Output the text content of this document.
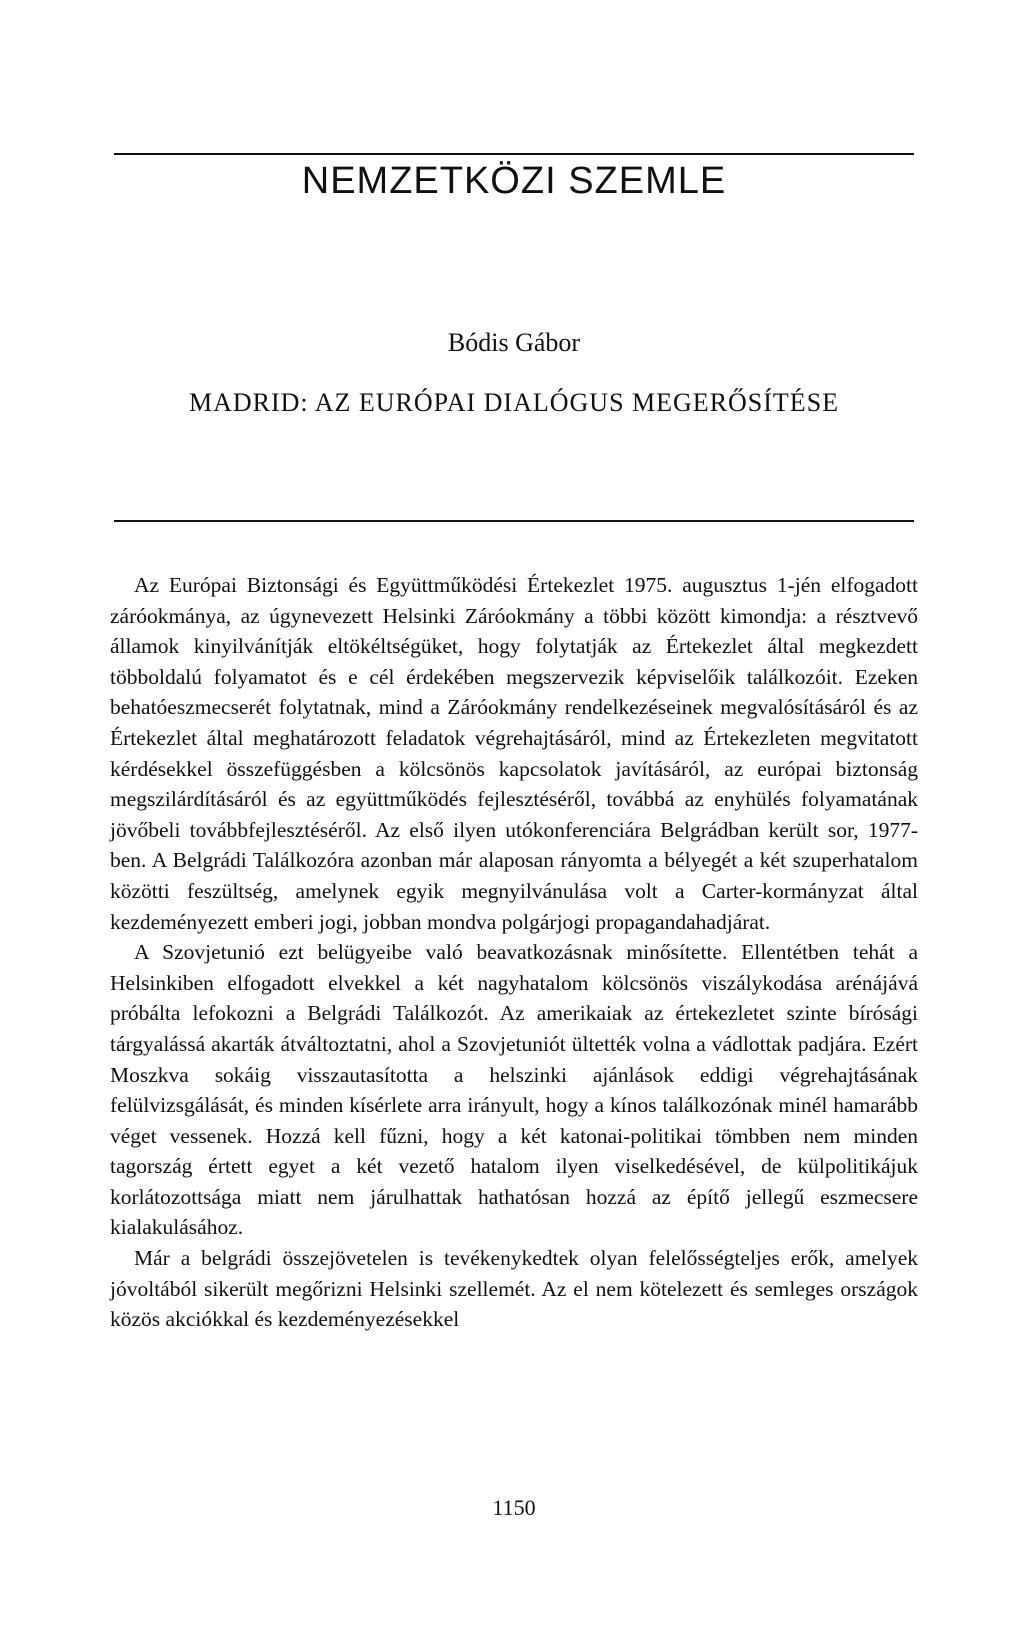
NEMZETKÖZI SZEMLE
Bódis Gábor
MADRID: AZ EURÓPAI DIALÓGUS MEGERŐSÍTÉSE

Az Európai Biztonsági és Együttműködési Értekezlet 1975. augusztus 1-jén elfogadott záróokmánya, az úgynevezett Helsinki Záróokmány a többi között kimondja: a résztvevő államok kinyilvánítják eltökéltségüket, hogy folytatják az Értekezlet által megkezdett többoldalú folyamatot és e cél érdekében megszervezik képviselőik találkozóit. Ezeken behatóeszmecserét folytatnak, mind a Záróokmány rendelkezéseinek megvalósításáról és az Értekezlet által meghatározott feladatok végrehajtásáról, mind az Értekezleten megvitatott kérdésekkel összefüggésben a kölcsönös kapcsolatok javításáról, az európai biztonság megszilárdításáról és az együttműködés fejlesztéséről, továbbá az enyhülés folyamatának jövőbeli továbbfejlesztéséről. Az első ilyen utókonferenciára Belgrádban került sor, 1977-ben. A Belgrádi Találkozóra azonban már alaposan rányomta a bélyegét a két szuperhatalom közötti feszültség, amelynek egyik megnyilvánulása volt a Carter-kormányzat által kezdeményezett emberi jogi, jobban mondva polgárjogi propagandahadjárat.

A Szovjetunió ezt belügyeibe való beavatkozásnak minősítette. Ellentétben tehát a Helsinkiben elfogadott elvekkel a két nagyhatalom kölcsönös viszálykodása arénájává próbálta lefokozni a Belgrádi Találkozót. Az amerikaiak az értekezletet szinte bírósági tárgyalássá akarták átváltoztatni, ahol a Szovjetuniót ültették volna a vádlottak padjára. Ezért Moszkva sokáig visszautasította a helszinki ajánlások eddigi végrehajtásának felülvizsgálását, és minden kísérlete arra irányult, hogy a kínos találkozónak minél hamarább véget vessenek. Hozzá kell fűzni, hogy a két katonai-politikai tömbben nem minden tagország értett egyet a két vezető hatalom ilyen viselkedésével, de külpolitikájuk korlátozottsága miatt nem járulhattak hathatósan hozzá az építő jellegű eszmecsere kialakulásához.

Már a belgrádi összejövetelen is tevékenykedtek olyan felelősségteljes erők, amelyek jóvoltából sikerült megőrizni Helsinki szellemét. Az el nem kötelezett és semleges országok közös akciókkal és kezdeményezésekkel

1150
